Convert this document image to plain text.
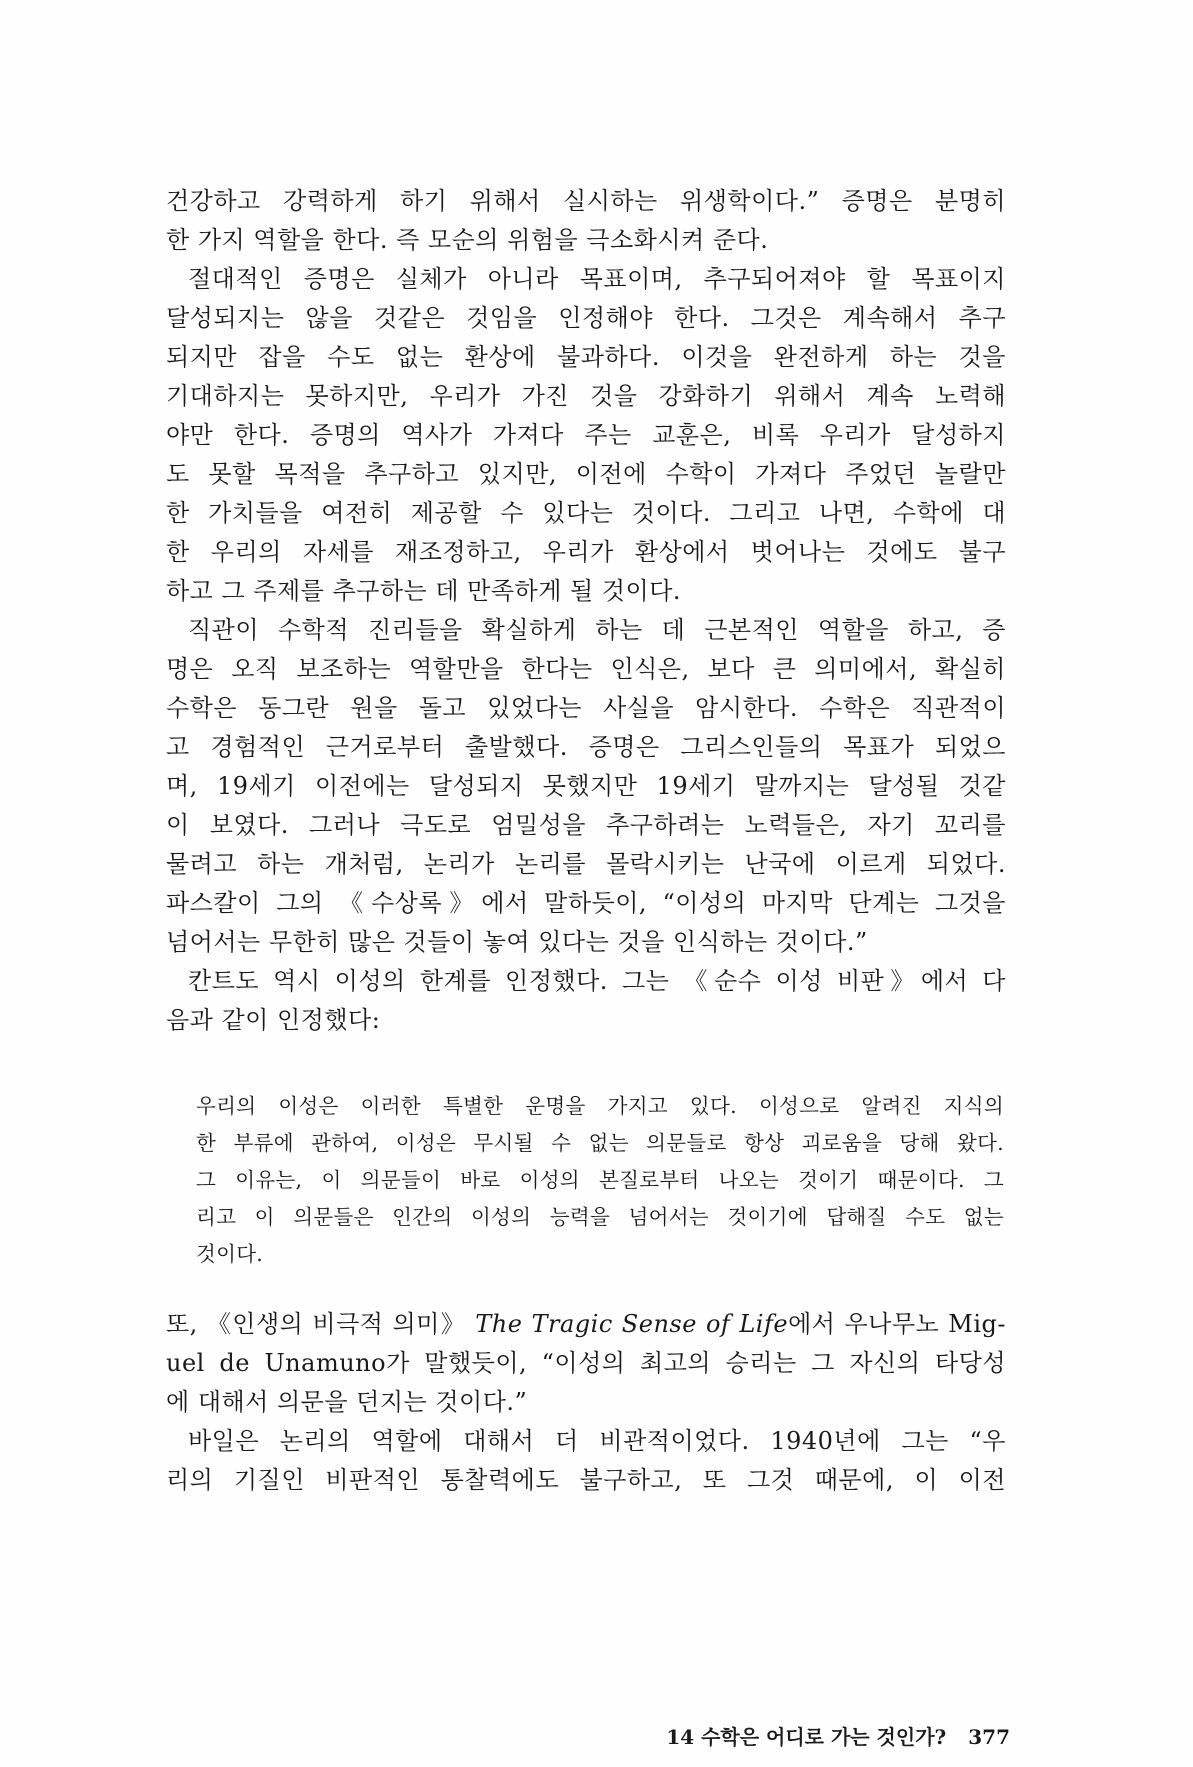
건강하고 강력하게 하기 위해서 실시하는 위생학이다.” 증명은 분명히
한 가지 역할을 한다. 즉 모순의 위험을 극소화시켜 준다.
절대적인 증명은 실체가 아니라 목표이며, 추구되어져야 할 목표이지
달성되지는 않을 것같은 것임을 인정해야 한다. 그것은 계속해서 추구
되지만 잡을 수도 없는 환상에 불과하다. 이것을 완전하게 하는 것을
기대하지는 못하지만, 우리가 가진 것을 강화하기 위해서 계속 노력해
야만 한다. 증명의 역사가 가져다 주는 교훈은, 비록 우리가 달성하지
도 못할 목적을 추구하고 있지만, 이전에 수학이 가져다 주었던 놀랄만
한 가치들을 여전히 제공할 수 있다는 것이다. 그리고 나면, 수학에 대
한 우리의 자세를 재조정하고, 우리가 환상에서 벗어나는 것에도 불구
하고 그 주제를 추구하는 데 만족하게 될 것이다.
직관이 수학적 진리들을 확실하게 하는 데 근본적인 역할을 하고, 증
명은 오직 보조하는 역할만을 한다는 인식은, 보다 큰 의미에서, 확실히
수학은 동그란 원을 돌고 있었다는 사실을 암시한다. 수학은 직관적이
고 경험적인 근거로부터 출발했다. 증명은 그리스인들의 목표가 되었으
며, 19세기 이전에는 달성되지 못했지만 19세기 말까지는 달성될 것같
이 보였다. 그러나 극도로 엄밀성을 추구하려는 노력들은, 자기 꼬리를
물려고 하는 개처럼, 논리가 논리를 몰락시키는 난국에 이르게 되었다.
파스칼이 그의 《수상록》에서 말하듯이, “이성의 마지막 단계는 그것을
넘어서는 무한히 많은 것들이 놓여 있다는 것을 인식하는 것이다.”
칸트도 역시 이성의 한계를 인정했다. 그는 《순수 이성 비판》에서 다
음과 같이 인정했다:
우리의 이성은 이러한 특별한 운명을 가지고 있다. 이성으로 알려진 지식의
한 부류에 관하여, 이성은 무시될 수 없는 의문들로 항상 괴로움을 당해 왔다.
그 이유는, 이 의문들이 바로 이성의 본질로부터 나오는 것이기 때문이다. 그
리고 이 의문들은 인간의 이성의 능력을 넘어서는 것이기에 답해질 수도 없는
것이다.
또, 《인생의 비극적 의미》 The Tragic Sense of Life에서 우나무노 Mig-
uel de Unamuno가 말했듯이, “이성의 최고의 승리는 그 자신의 타당성
에 대해서 의문을 던지는 것이다.”
바일은 논리의 역할에 대해서 더 비관적이었다. 1940년에 그는 “우
리의 기질인 비판적인 통찰력에도 불구하고, 또 그것 때문에, 이 이전
14 수학은 어디로 가는 것인가? 377
